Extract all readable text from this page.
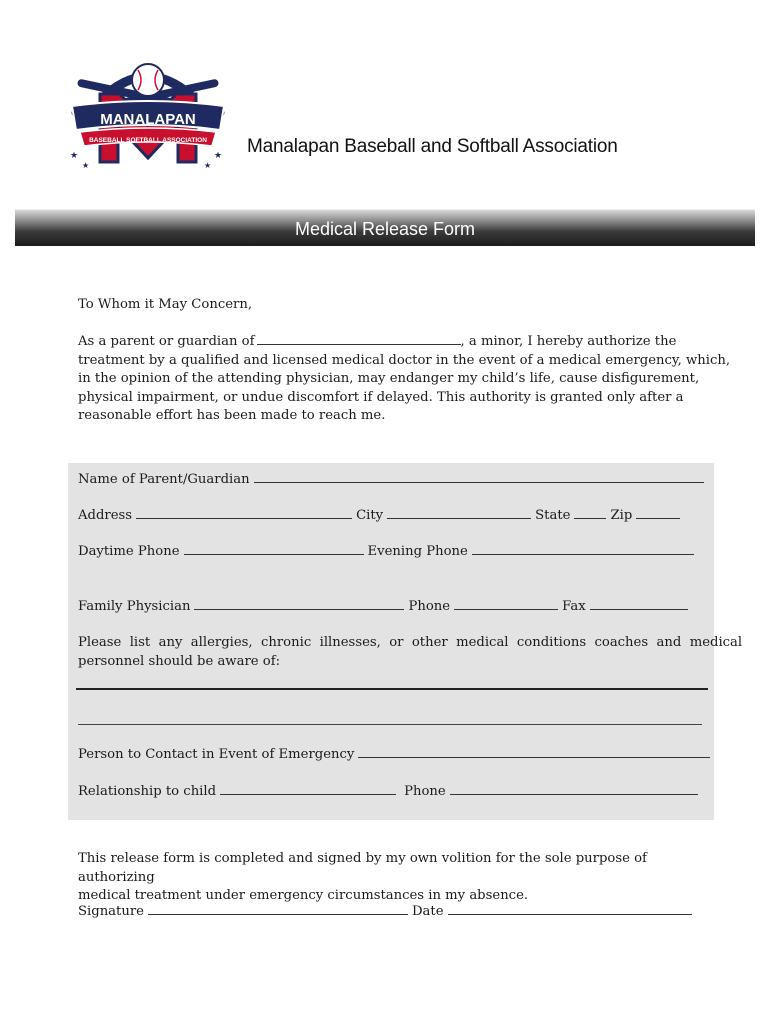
MANALAPAN
BASEBALL SOFTBALL ASSOCIATION
★	★
★	★
Manalapan Baseball and Softball Association
Medical Release Form
To Whom it May Concern,
As a parent or guardian of	, a minor, I hereby authorize the
treatment by a qualified and licensed medical doctor in the event of a medical emergency, which,
in the opinion of the attending physician, may endanger my child’s life, cause disfigurement,
physical impairment, or undue discomfort if delayed. This authority is granted only after a
reasonable effort has been made to reach me.
Name of Parent/Guardian
Address	City	State	Zip
Daytime Phone	Evening Phone
Family Physician	Phone	Fax
Please  list  any  allergies,  chronic  illnesses,  or  other  medical  conditions  coaches  and  medical
personnel should be aware of:
Person to Contact in Event of Emergency
Relationship to child	Phone
This release form is completed and signed by my own volition for the sole purpose of authorizing
medical treatment under emergency circumstances in my absence.
Signature	Date
